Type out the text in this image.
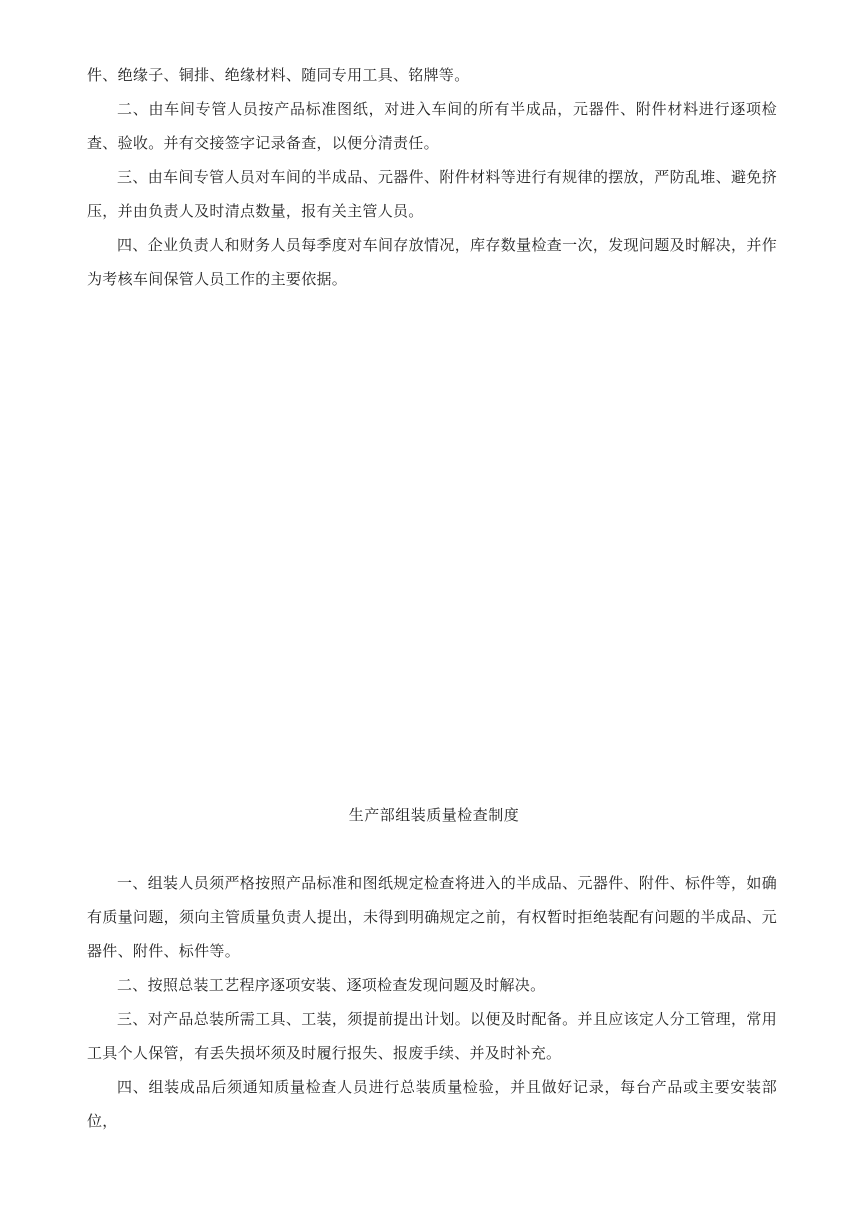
件、绝缘子、铜排、绝缘材料、随同专用工具、铭牌等。

二、由车间专管人员按产品标准图纸，对进入车间的所有半成品，元器件、附件材料进行逐项检查、验收。并有交接签字记录备查，以便分清责任。

三、由车间专管人员对车间的半成品、元器件、附件材料等进行有规律的摆放，严防乱堆、避免挤压，并由负责人及时清点数量，报有关主管人员。

四、企业负责人和财务人员每季度对车间存放情况，库存数量检查一次，发现问题及时解决，并作为考核车间保管人员工作的主要依据。

生产部组装质量检查制度

一、组装人员须严格按照产品标准和图纸规定检查将进入的半成品、元器件、附件、标件等，如确有质量问题，须向主管质量负责人提出，未得到明确规定之前，有权暂时拒绝装配有问题的半成品、元器件、附件、标件等。

二、按照总装工艺程序逐项安装、逐项检查发现问题及时解决。

三、对产品总装所需工具、工装，须提前提出计划。以便及时配备。并且应该定人分工管理，常用工具个人保管，有丢失损坏须及时履行报失、报废手续、并及时补充。

四、组装成品后须通知质量检查人员进行总装质量检验，并且做好记录，每台产品或主要安装部位，
